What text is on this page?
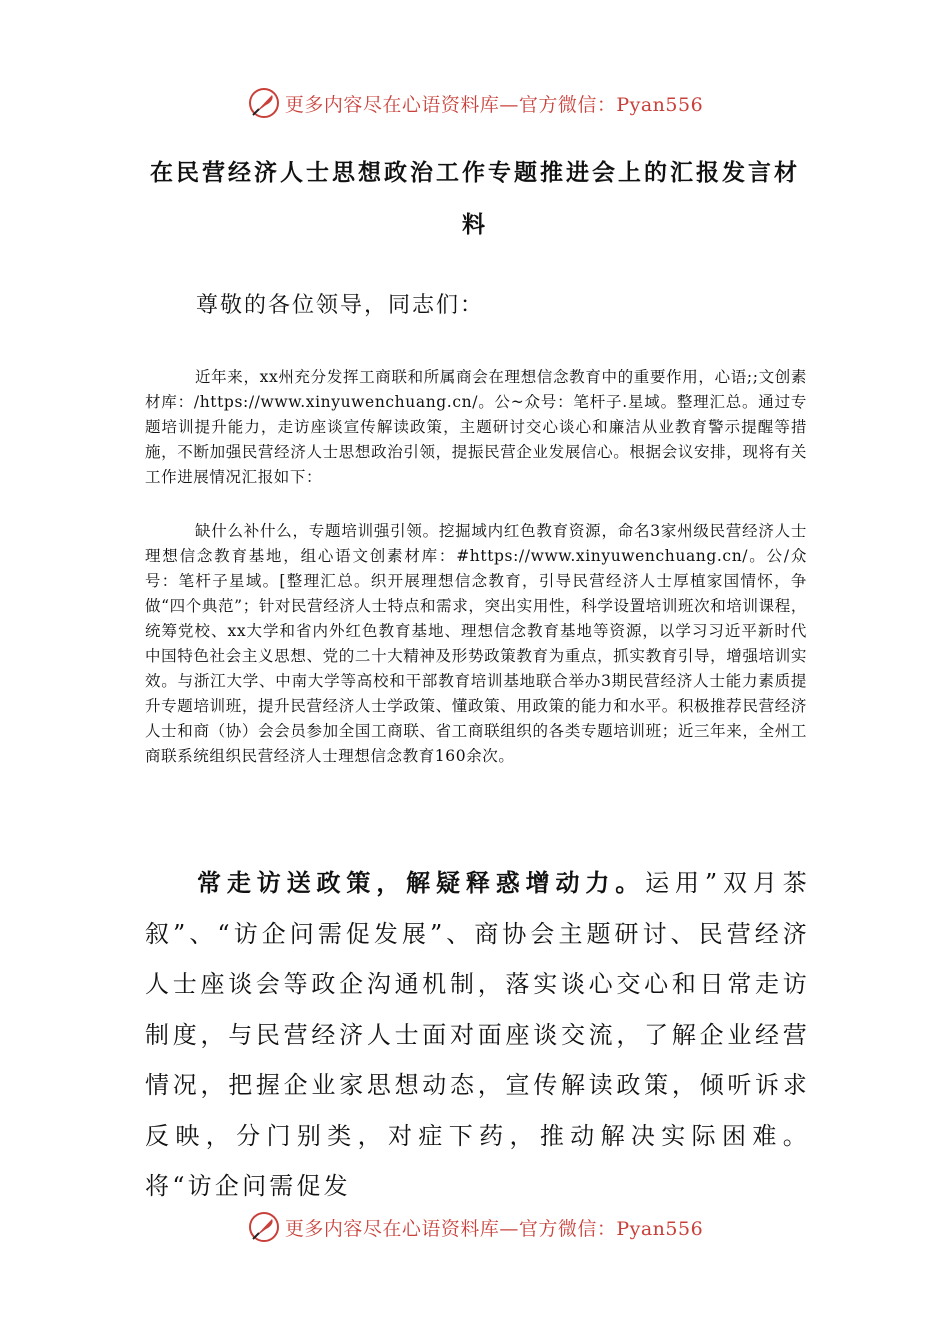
更多内容尽在心语资料库—官方微信：Pyan556
在民营经济人士思想政治工作专题推进会上的汇报发言材料
尊敬的各位领导，同志们：

近年来，xx州充分发挥工商联和所属商会在理想信念教育中的重要作用，心语;;文创素材库：/https://www.xinyuwenchuang.cn/。公~众号：笔杆子.星域。整理汇总。通过专题培训提升能力，走访座谈宣传解读政策，主题研讨交心谈心和廉洁从业教育警示提醒等措施，不断加强民营经济人士思想政治引领，提振民营企业发展信心。根据会议安排，现将有关工作进展情况汇报如下：

缺什么补什么，专题培训强引领。挖掘域内红色教育资源，命名3家州级民营经济人士理想信念教育基地，组心语文创素材库：#https://www.xinyuwenchuang.cn/。公/众号：笔杆子星域。[整理汇总。织开展理想信念教育，引导民营经济人士厚植家国情怀，争做“四个典范”；针对民营经济人士特点和需求，突出实用性，科学设置培训班次和培训课程，统筹党校、xx大学和省内外红色教育基地、理想信念教育基地等资源，以学习习近平新时代中国特色社会主义思想、党的二十大精神及形势政策教育为重点，抓实教育引导，增强培训实效。与浙江大学、中南大学等高校和干部教育培训基地联合举办3期民营经济人士能力素质提升专题培训班，提升民营经济人士学政策、懂政策、用政策的能力和水平。积极推荐民营经济人士和商（协）会会员参加全国工商联、省工商联组织的各类专题培训班；近三年来，全州工商联系统组织民营经济人士理想信念教育160余次。

常走访送政策，解疑释惑增动力。运用”双月茶叙”、“访企问需促发展”、商协会主题研讨、民营经济人士座谈会等政企沟通机制，落实谈心交心和日常走访制度，与民营经济人士面对面座谈交流，了解企业经营情况，把握企业家思想动态，宣传解读政策，倾听诉求反映，分门别类，对症下药，推动解决实际困难。将“访企问需促发

更多内容尽在心语资料库—官方微信：Pyan556
